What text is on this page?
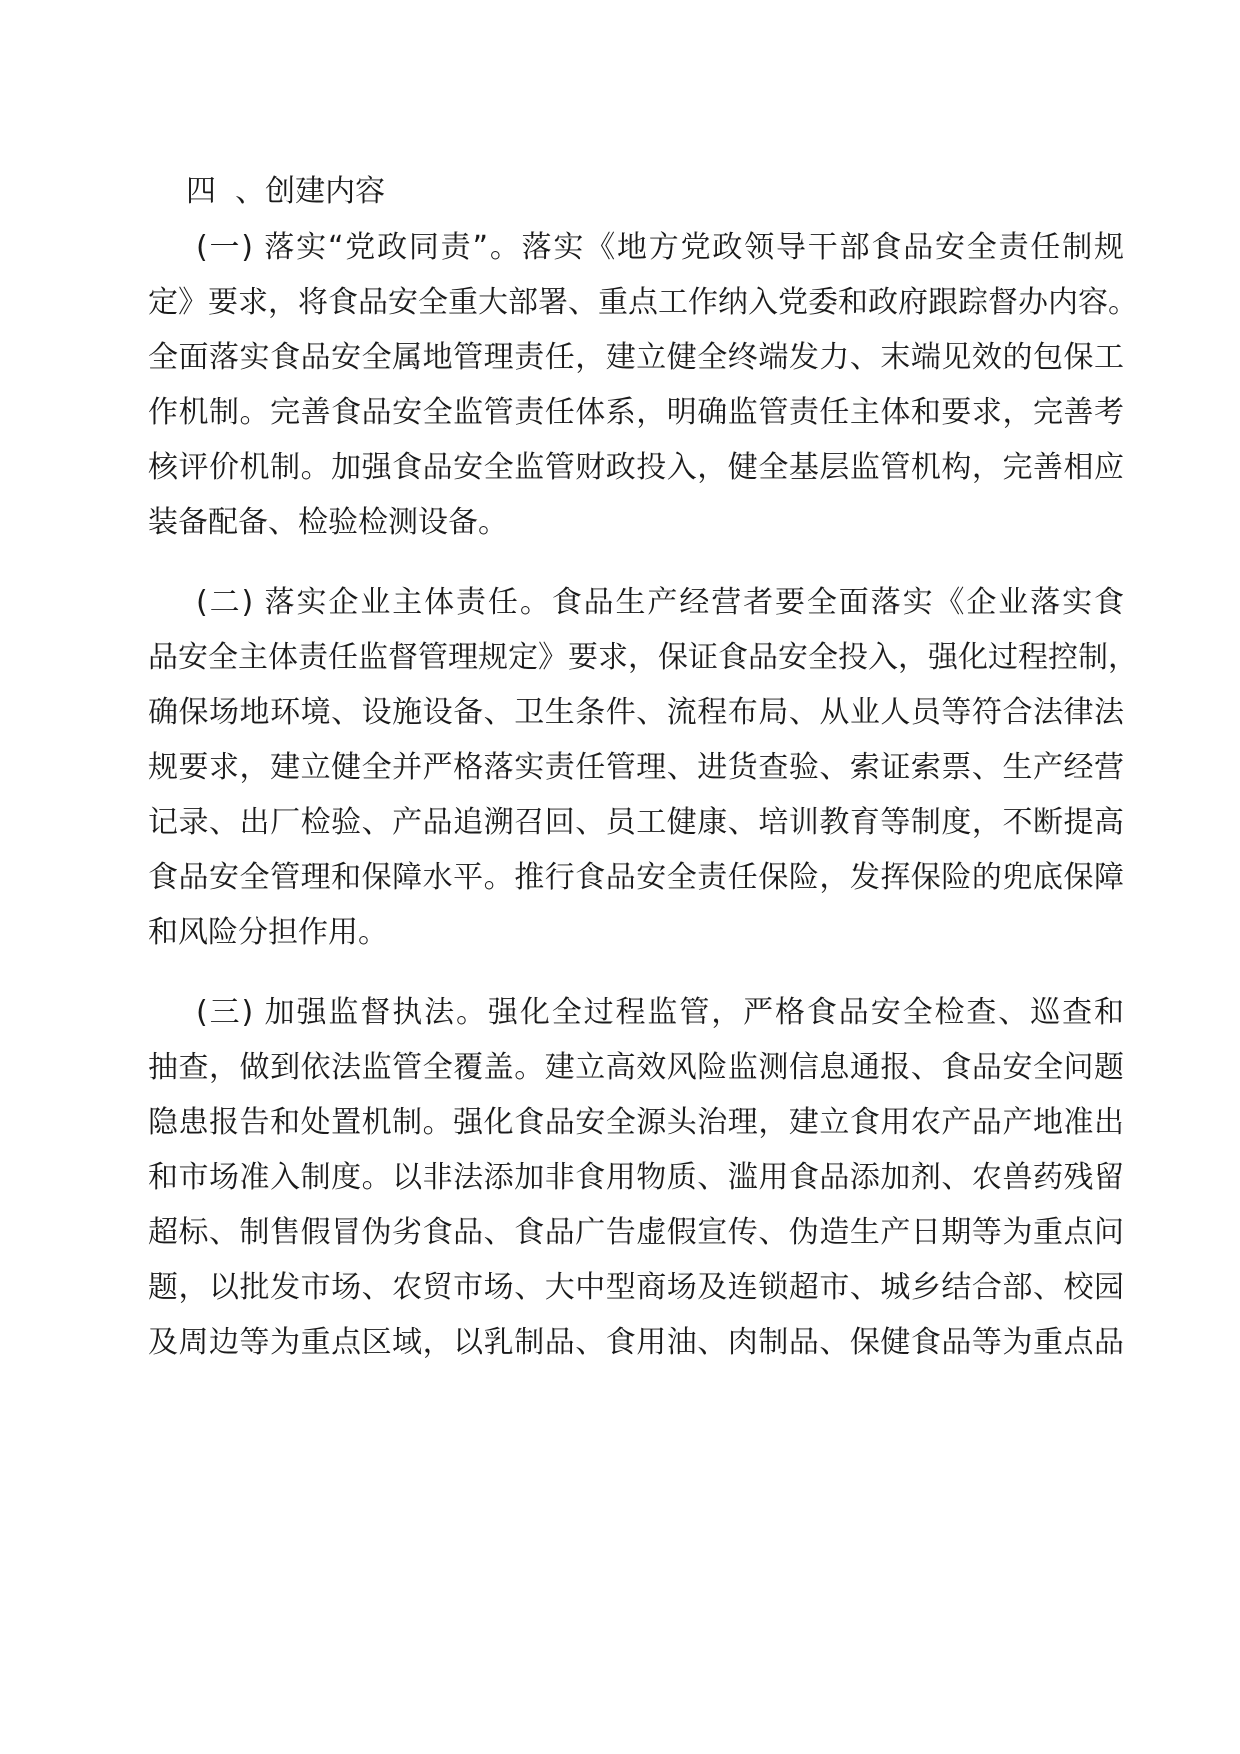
四  、创建内容
(一) 落实“党政同责”。落实《地方党政领导干部食品安全责任制规
定》要求，将食品安全重大部署、重点工作纳入党委和政府跟踪督办内容。
全面落实食品安全属地管理责任，建立健全终端发力、末端见效的包保工
作机制。完善食品安全监管责任体系，明确监管责任主体和要求，完善考
核评价机制。加强食品安全监管财政投入，健全基层监管机构，完善相应
装备配备、检验检测设备。
(二) 落实企业主体责任。食品生产经营者要全面落实《企业落实食
品安全主体责任监督管理规定》要求，保证食品安全投入，强化过程控制，
确保场地环境、设施设备、卫生条件、流程布局、从业人员等符合法律法
规要求，建立健全并严格落实责任管理、进货查验、索证索票、生产经营
记录、出厂检验、产品追溯召回、员工健康、培训教育等制度，不断提高
食品安全管理和保障水平。推行食品安全责任保险，发挥保险的兜底保障
和风险分担作用。
(三) 加强监督执法。强化全过程监管，严格食品安全检查、巡查和
抽查，做到依法监管全覆盖。建立高效风险监测信息通报、食品安全问题
隐患报告和处置机制。强化食品安全源头治理，建立食用农产品产地准出
和市场准入制度。以非法添加非食用物质、滥用食品添加剂、农兽药残留
超标、制售假冒伪劣食品、食品广告虚假宣传、伪造生产日期等为重点问
题，以批发市场、农贸市场、大中型商场及连锁超市、城乡结合部、校园
及周边等为重点区域，以乳制品、食用油、肉制品、保健食品等为重点品
